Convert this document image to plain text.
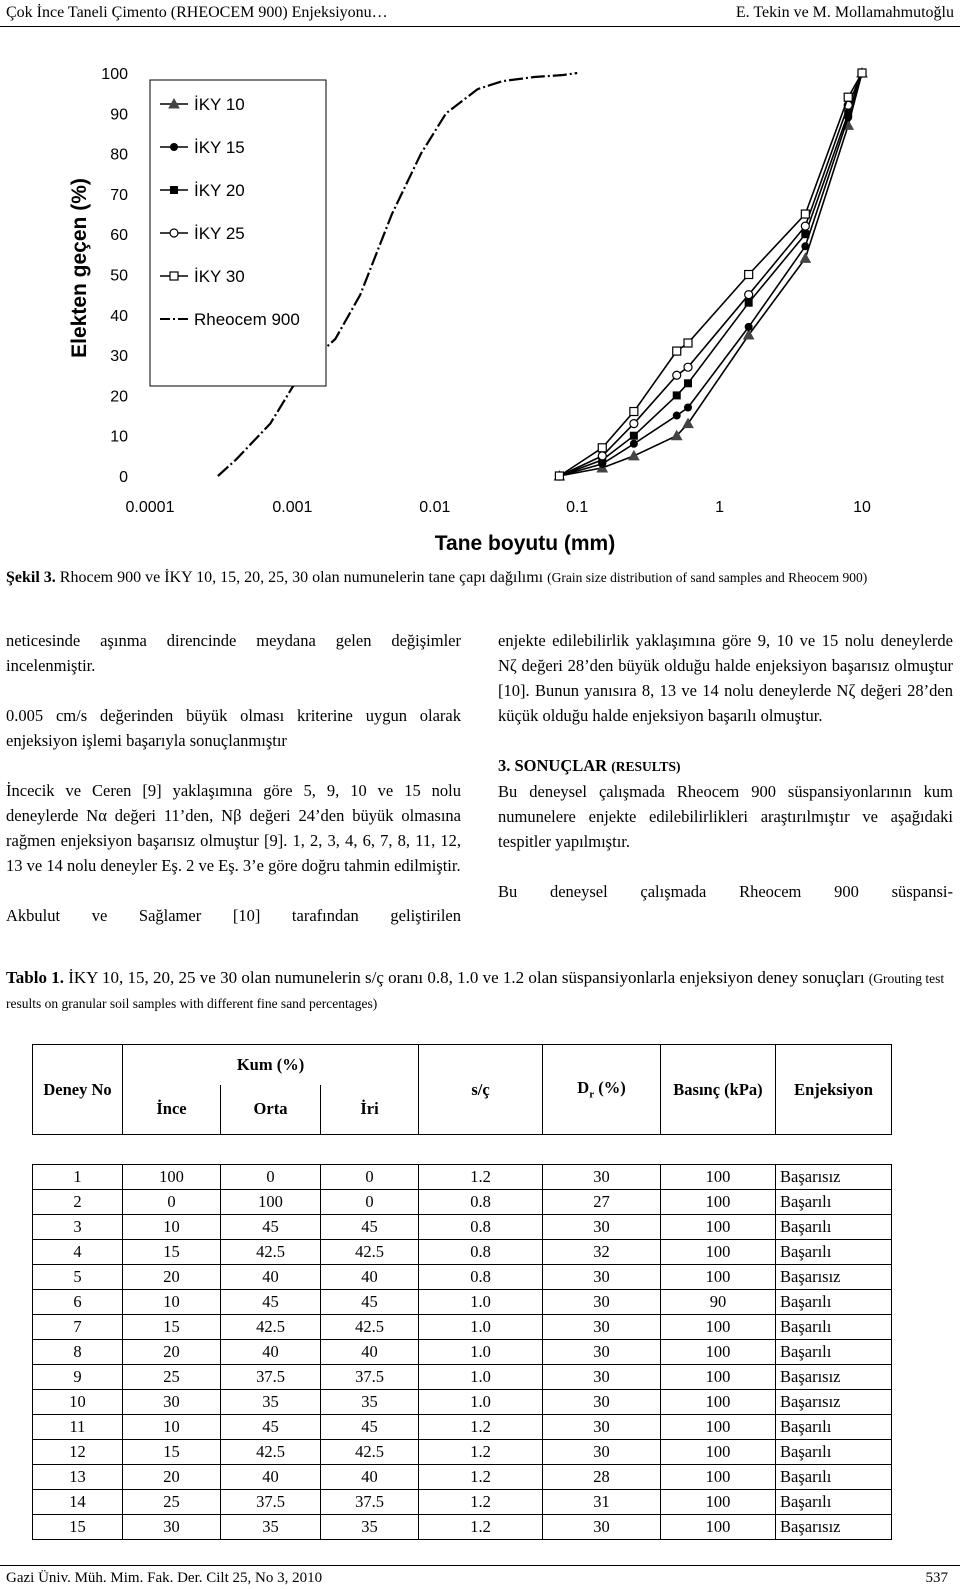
Çok İnce Taneli Çimento (RHEOCEM 900) Enjeksiyonu…	E. Tekin ve M. Mollamahmutoğlu
0
10
20
30
40
50
60
70
80
90
100
0.0001	0.001	0.01	0.1	1	10
Tane boyutu (mm)
Elekten geçen (%)
İKY 10
İKY 15
İKY 20
İKY 25
İKY 30
Rheocem 900
Şekil 3. Rhocem 900 ve İKY 10, 15, 20, 25, 30 olan numunelerin tane çapı dağılımı (Grain size distribution of sand samples and Rheocem 900)

neticesinde aşınma direncinde meydana gelen değişimler incelenmiştir.

0.005 cm/s değerinden büyük olması kriterine uygun olarak enjeksiyon işlemi başarıyla sonuçlanmıştır

İncecik ve Ceren [9] yaklaşımına göre 5, 9, 10 ve 15 nolu deneylerde Nα değeri 11’den, Nβ değeri 24’den büyük olmasına rağmen enjeksiyon başarısız olmuştur [9]. 1, 2, 3, 4, 6, 7, 8, 11, 12, 13 ve 14 nolu deneyler Eş. 2 ve Eş. 3’e göre doğru tahmin edilmiştir.

Akbulut ve Sağlamer [10] tarafından geliştirilen

enjekte edilebilirlik yaklaşımına göre 9, 10 ve 15 nolu deneylerde Nζ değeri 28’den büyük olduğu halde enjeksiyon başarısız olmuştur [10]. Bunun yanısıra 8, 13 ve 14 nolu deneylerde Nζ değeri 28’den küçük olduğu halde enjeksiyon başarılı olmuştur.

3. SONUÇLAR (RESULTS)

Bu deneysel çalışmada Rheocem 900 süspansiyonlarının kum numunelere enjekte edilebilirlikleri araştırılmıştır ve aşağıdaki tespitler yapılmıştır.

Bu deneysel çalışmada Rheocem 900 süspansi-

Tablo 1. İKY 10, 15, 20, 25 ve 30 olan numunelerin s/ç oranı 0.8, 1.0 ve 1.2 olan süspansiyonlarla enjeksiyon deney sonuçları (Grouting test results on granular soil samples with different fine sand percentages)
Deney No	Kum (%)			s/ç	$D_r$ (%)	Basınç (kPa)	Enjeksiyon
	İnce	Orta	İri				

1	100	0	0	1.2	30	100	Başarısız
2	0	100	0	0.8	27	100	Başarılı
3	10	45	45	0.8	30	100	Başarılı
4	15	42.5	42.5	0.8	32	100	Başarılı
5	20	40	40	0.8	30	100	Başarısız
6	10	45	45	1.0	30	90	Başarılı
7	15	42.5	42.5	1.0	30	100	Başarılı
8	20	40	40	1.0	30	100	Başarılı
9	25	37.5	37.5	1.0	30	100	Başarısız
10	30	35	35	1.0	30	100	Başarısız
11	10	45	45	1.2	30	100	Başarılı
12	15	42.5	42.5	1.2	30	100	Başarılı
13	20	40	40	1.2	28	100	Başarılı
14	25	37.5	37.5	1.2	31	100	Başarılı
15	30	35	35	1.2	30	100	Başarısız
Gazi Üniv. Müh. Mim. Fak. Der. Cilt 25, No 3, 2010	537
